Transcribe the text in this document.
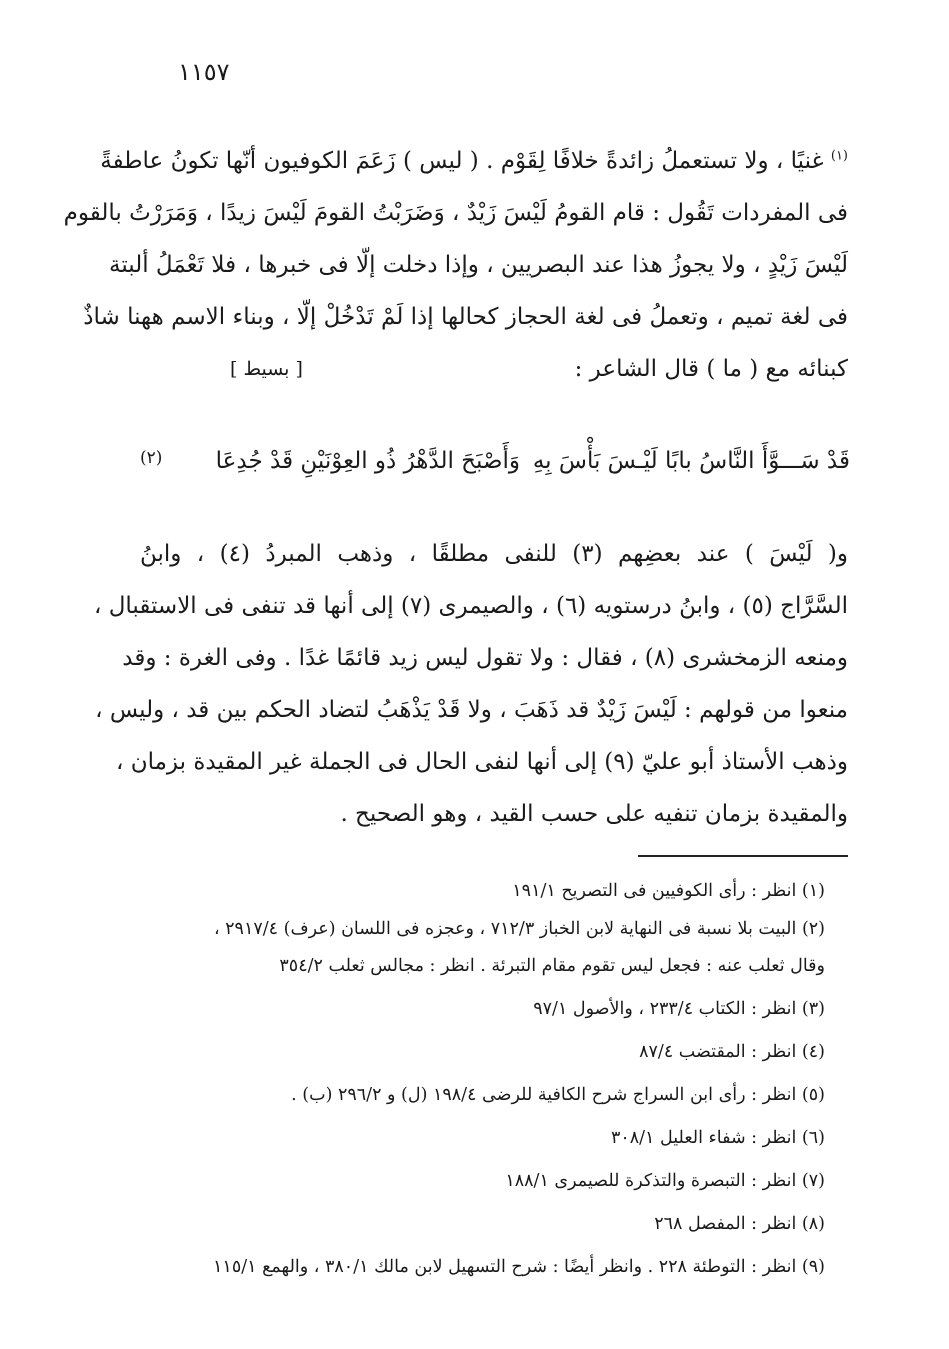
١١٥٧
$^{(١)}$ غنيًا ، ولا تستعملُ زائدةً خلافًا لِقَوْم . ( ليس ) زَعَمَ الكوفيون أنّها تكونُ عاطفةً
فى المفردات تَقُول : قام القومُ لَيْسَ زَيْدٌ ، وَضَرَبْتُ القومَ لَيْسَ زيدًا ، وَمَرَرْتُ بالقوم
لَيْسَ زَيْدٍ ، ولا يجوزُ هذا عند البصريين ، وإذا دخلت إلّا فى خبرها ، فلا تَعْمَلُ ألبتة
فى لغة تميم ، وتعملُ فى لغة الحجاز كحالها إذا لَمْ تَدْخُلْ إلّا ، وبناء الاسم ههنا شاذٌ
كبنائه مع ( ما ) قال الشاعر :
[ بسيط ]
قَدْ سَـــوَّأَ النَّاسُ بابًا لَيْـسَ بَأْسَ بِهِ
وَأَصْبَحَ الدَّهْرُ ذُو العِوْنَيْنِ قَدْ جُدِعَا
(٢)
و( لَيْسَ ) عند بعضِهم (٣) للنفى مطلقًا ، وذهب المبردُ (٤) ، وابنُ
السَّرَّاج (٥) ، وابنُ درستويه (٦) ، والصيمرى (٧) إلى أنها قد تنفى فى الاستقبال ،
ومنعه الزمخشرى (٨) ، فقال : ولا تقول ليس زيد قائمًا غدًا . وفى الغرة : وقد
منعوا من قولهم : لَيْسَ زَيْدٌ قد ذَهَبَ ، ولا قَدْ يَذْهَبُ لتضاد الحكم بين قد ، وليس ،
وذهب الأستاذ أبو عليّ (٩) إلى أنها لنفى الحال فى الجملة غير المقيدة بزمان ،
والمقيدة بزمان تنفيه على حسب القيد ، وهو الصحيح .
(١) انظر : رأى الكوفيين فى التصريح ١٩١/١
(٢) البيت بلا نسبة فى النهاية لابن الخباز ٧١٢/٣ ، وعجزه فى اللسان (عرف) ٢٩١٧/٤ ،
وقال ثعلب عنه : فجعل ليس تقوم مقام التبرئة . انظر : مجالس ثعلب ٣٥٤/٢
(٣) انظر : الكتاب ٢٣٣/٤ ، والأصول ٩٧/١
(٤) انظر : المقتضب ٨٧/٤
(٥) انظر : رأى ابن السراج شرح الكافية للرضى ١٩٨/٤ (ل) و ٢٩٦/٢ (ب) .
(٦) انظر : شفاء العليل ٣٠٨/١
(٧) انظر : التبصرة والتذكرة للصيمرى ١٨٨/١
(٨) انظر : المفصل ٢٦٨
(٩) انظر : التوطئة ٢٢٨ . وانظر أيضًا : شرح التسهيل لابن مالك ٣٨٠/١ ، والهمع ١١٥/١
